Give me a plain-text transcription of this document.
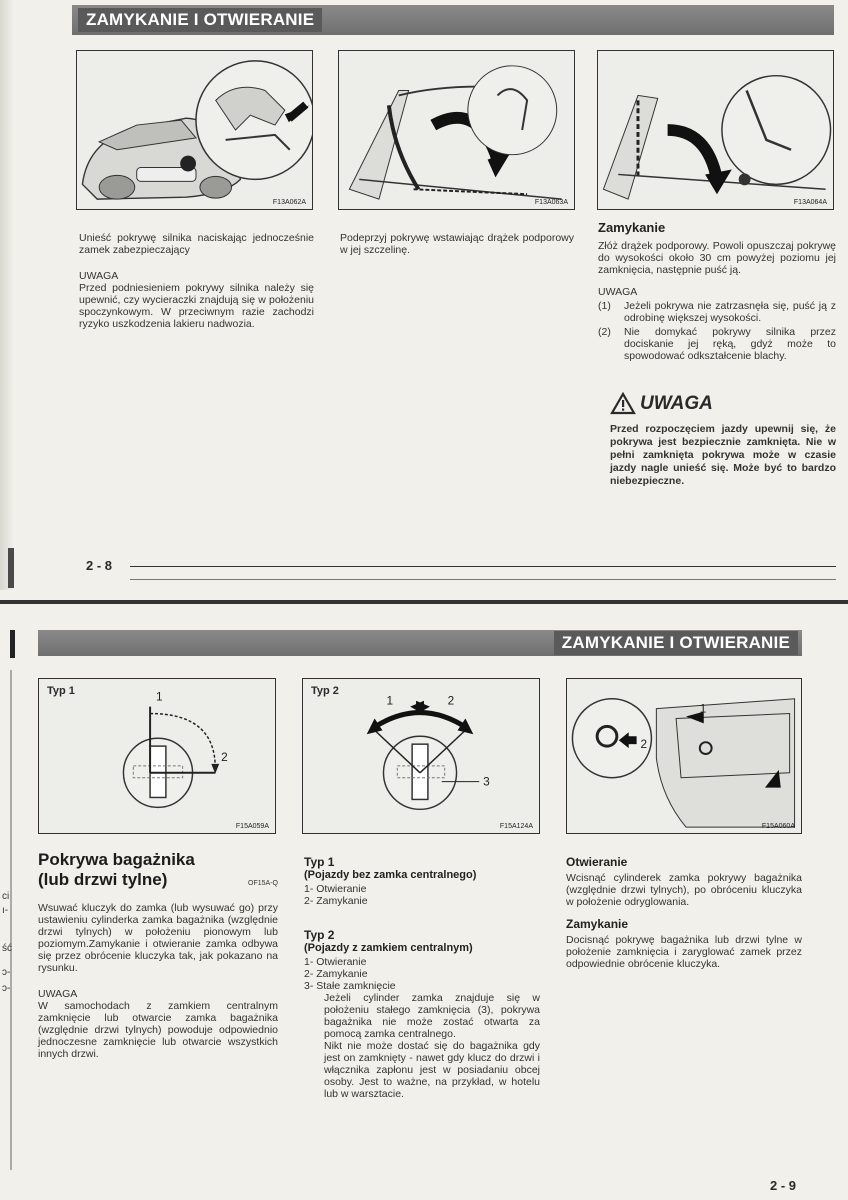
ZAMYKANIE I OTWIERANIE
F13A062A	F13A063A	F13A064A

Unieść pokrywę silnika naciskając jednocześnie zamek zabezpieczający

UWAGA

Przed podniesieniem pokrywy silnika należy się upewnić, czy wycieraczki znajdują się w położeniu spoczynkowym. W przeciwnym razie zachodzi ryzyko uszkodzenia lakieru nadwozia.

Podeprzyj pokrywę wstawiając drążek podporowy w jej szczelinę.

Zamykanie

Złóż drążek podporowy. Powoli opuszczaj pokrywę do wysokości około 30 cm powyżej poziomu jej zamknięcia, następnie puść ją.

UWAGA
(1)	Jeżeli pokrywa nie zatrzasnęła się, puść ją z odrobinę większej wysokości.
(2)	Nie domykać pokrywy silnika przez dociskanie jej ręką, gdyż może to spowodować odkształcenie blachy.
UWAGA

Przed rozpoczęciem jazdy upewnij się, że pokrywa jest bezpiecznie zamknięta. Nie w pełni zamknięta pokrywa może w czasie jazdy nagle unieść się. Może być to bardzo niebezpieczne.

2 - 8
ci
ı-
ść
ɔ-
ɔ-
ZAMYKANIE I OTWIERANIE
Typ 1	1
2
F15A059A
Typ 2
1	2
3
F15A124A
2
1
F15A060A
Pokrywa bagażnika
(lub drzwi tylne)	OF15A-Q

Wsuwać kluczyk do zamka (lub wysuwać go) przy ustawieniu cylinderka zamka bagażnika (względnie drzwi tylnych) w położeniu pionowym lub poziomym.Zamykanie i otwieranie zamka odbywa się przez obrócenie kluczyka tak, jak pokazano na rysunku.

UWAGA

W samochodach z zamkiem centralnym zamknięcie lub otwarcie zamka bagażnika (względnie drzwi tylnych) powoduje odpowiednio jednoczesne zamknięcie lub otwarcie wszystkich innych drzwi.

Typ 1
(Pojazdy bez zamka centralnego)
1- Otwieranie
2- Zamykanie
Typ 2
(Pojazdy z zamkiem centralnym)
1- Otwieranie
2- Zamykanie
3- Stałe zamknięcie

Jeżeli cylinder zamka znajduje się w położeniu stałego zamknięcia (3), pokrywa bagażnika nie może zostać otwarta za pomocą zamka centralnego.

Nikt nie może dostać się do bagażnika gdy jest on zamknięty - nawet gdy klucz do drzwi i włącznika zapłonu jest w posiadaniu obcej osoby. Jest to ważne, na przykład, w hotelu lub w warsztacie.

Otwieranie

Wcisnąć cylinderek zamka pokrywy bagażnika (względnie drzwi tylnych), po obróceniu kluczyka w położenie odryglowania.

Zamykanie

Docisnąć pokrywę bagażnika lub drzwi tylne w położenie zamknięcia i zaryglować zamek przez odpowiednie obrócenie kluczyka.

2 - 9
